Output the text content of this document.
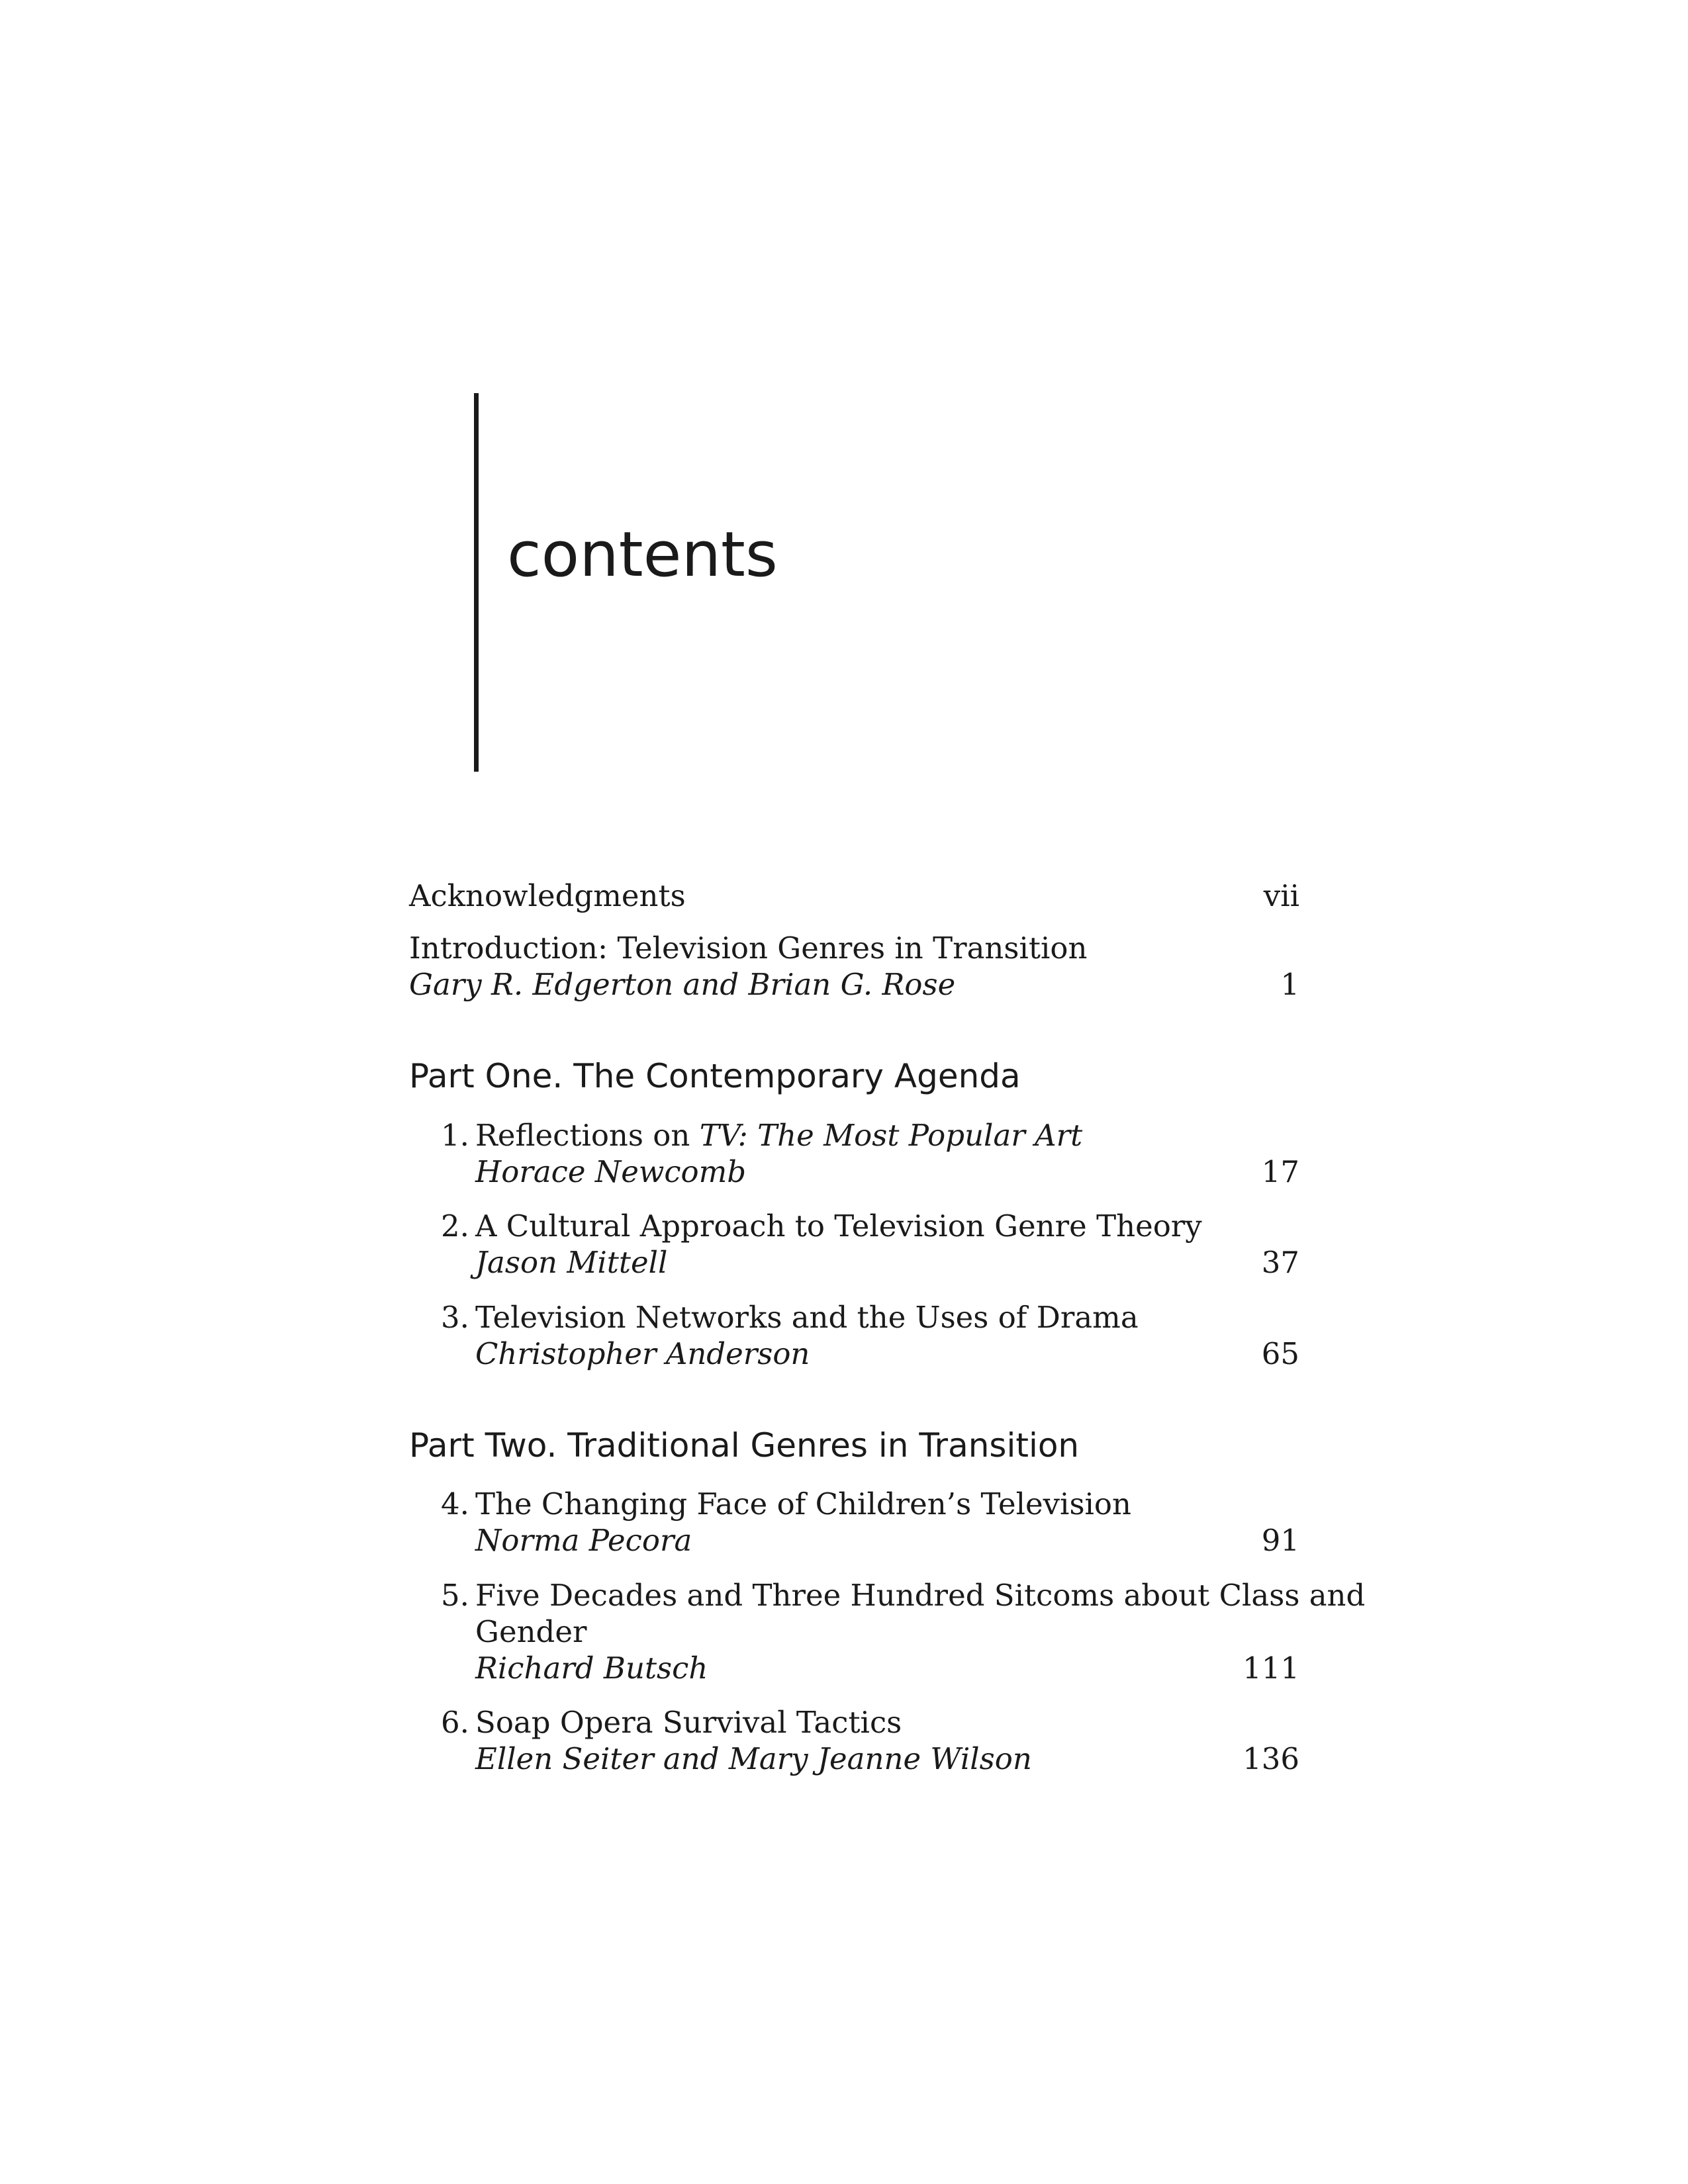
contents
Acknowledgments	vii
Introduction: Television Genres in Transition
Gary R. Edgerton and Brian G. Rose	1
Part One. The Contemporary Agenda
1. Reflections on TV: The Most Popular Art
Horace Newcomb	17
2. A Cultural Approach to Television Genre Theory
Jason Mittell	37
3. Television Networks and the Uses of Drama
Christopher Anderson	65
Part Two. Traditional Genres in Transition
4. The Changing Face of Children’s Television
Norma Pecora	91
5. Five Decades and Three Hundred Sitcoms about Class and
Gender
Richard Butsch	111
6. Soap Opera Survival Tactics
Ellen Seiter and Mary Jeanne Wilson	136
